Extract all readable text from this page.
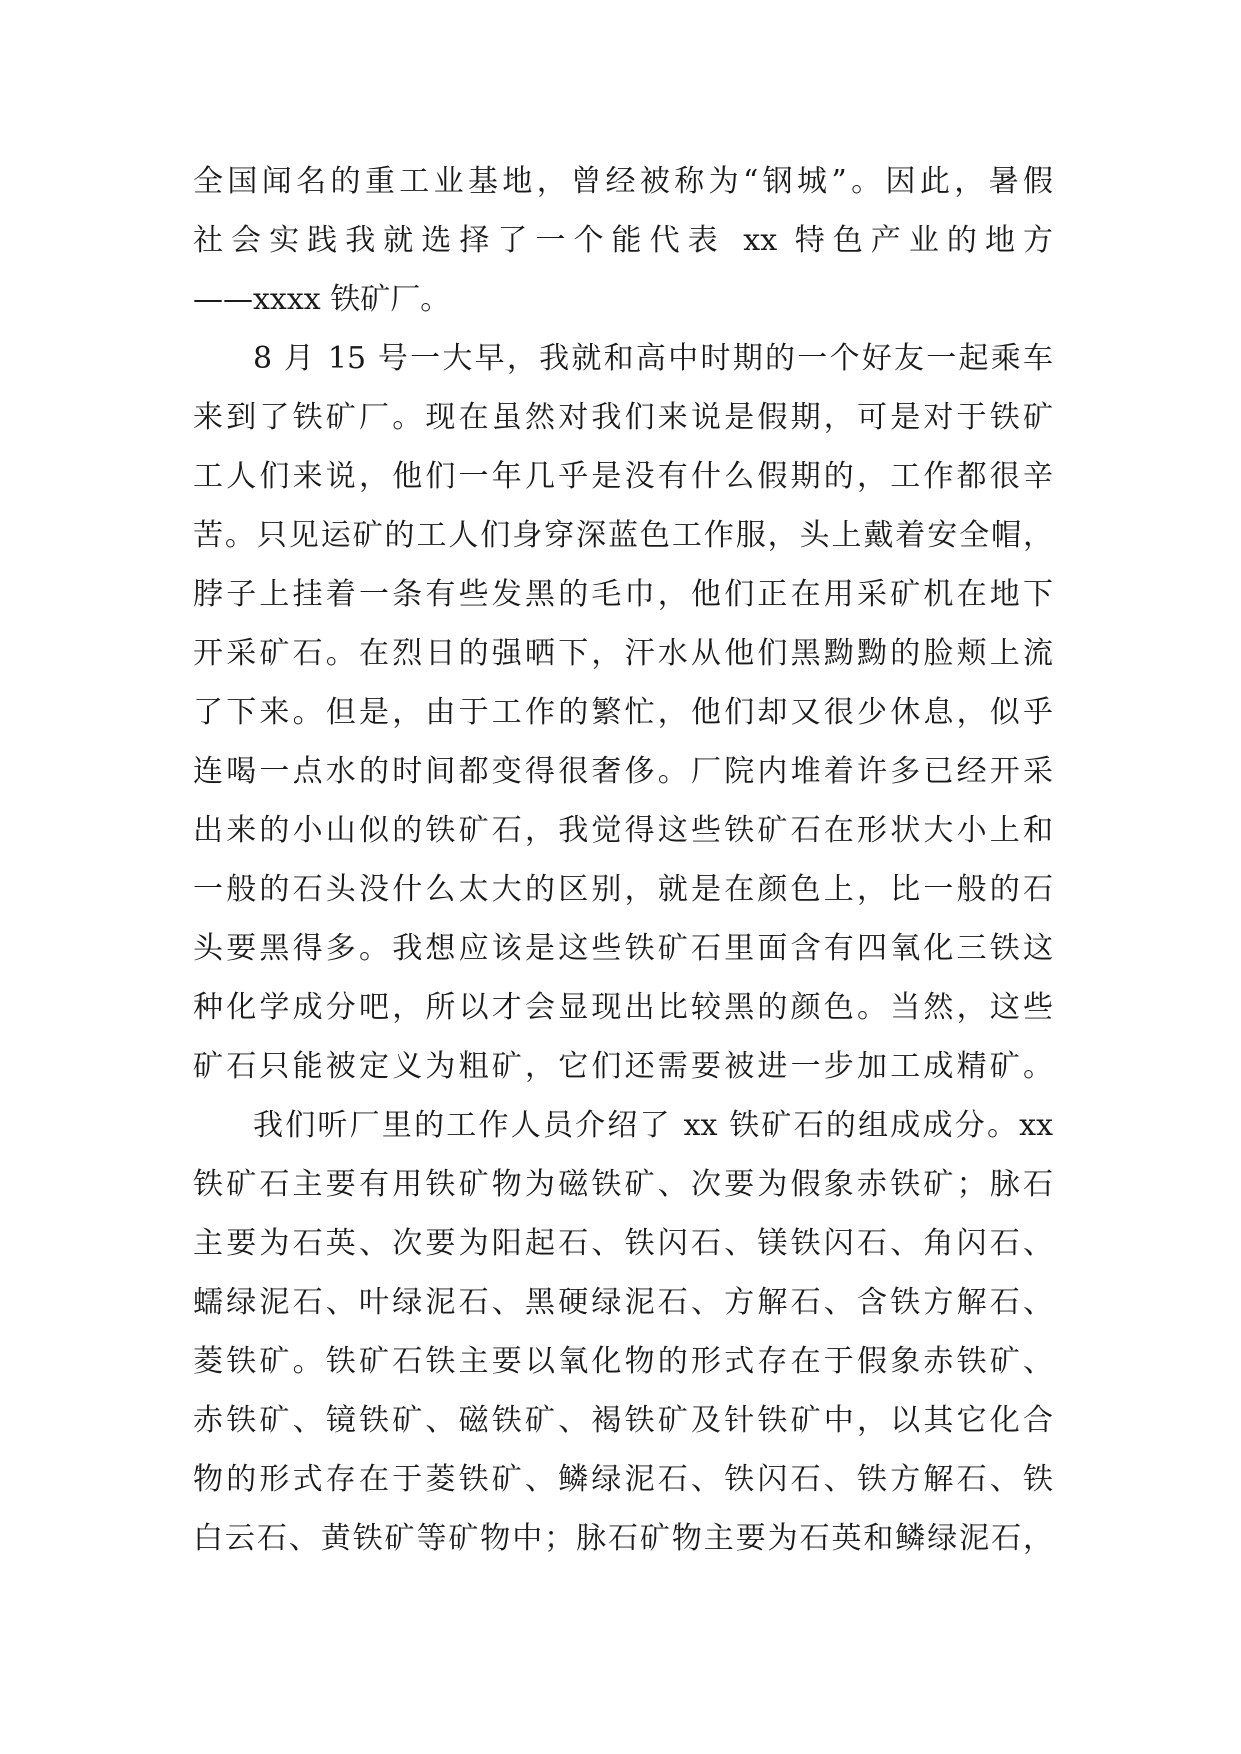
全国闻名的重工业基地，曾经被称为“钢城”。因此，暑假
社会实践我就选择了一个能代表 xx 特色产业的地方
——xxxx 铁矿厂。
8 月 15 号一大早，我就和高中时期的一个好友一起乘车
来到了铁矿厂。现在虽然对我们来说是假期，可是对于铁矿
工人们来说，他们一年几乎是没有什么假期的，工作都很辛
苦。只见运矿的工人们身穿深蓝色工作服，头上戴着安全帽，
脖子上挂着一条有些发黑的毛巾，他们正在用采矿机在地下
开采矿石。在烈日的强晒下，汗水从他们黑黝黝的脸颊上流
了下来。但是，由于工作的繁忙，他们却又很少休息，似乎
连喝一点水的时间都变得很奢侈。厂院内堆着许多已经开采
出来的小山似的铁矿石，我觉得这些铁矿石在形状大小上和
一般的石头没什么太大的区别，就是在颜色上，比一般的石
头要黑得多。我想应该是这些铁矿石里面含有四氧化三铁这
种化学成分吧，所以才会显现出比较黑的颜色。当然，这些
矿石只能被定义为粗矿，它们还需要被进一步加工成精矿。
我们听厂里的工作人员介绍了 xx 铁矿石的组成成分。xx
铁矿石主要有用铁矿物为磁铁矿、次要为假象赤铁矿；脉石
主要为石英、次要为阳起石、铁闪石、镁铁闪石、角闪石、
蠕绿泥石、叶绿泥石、黑硬绿泥石、方解石、含铁方解石、
菱铁矿。铁矿石铁主要以氧化物的形式存在于假象赤铁矿、
赤铁矿、镜铁矿、磁铁矿、褐铁矿及针铁矿中，以其它化合
物的形式存在于菱铁矿、鳞绿泥石、铁闪石、铁方解石、铁
白云石、黄铁矿等矿物中；脉石矿物主要为石英和鳞绿泥石，
